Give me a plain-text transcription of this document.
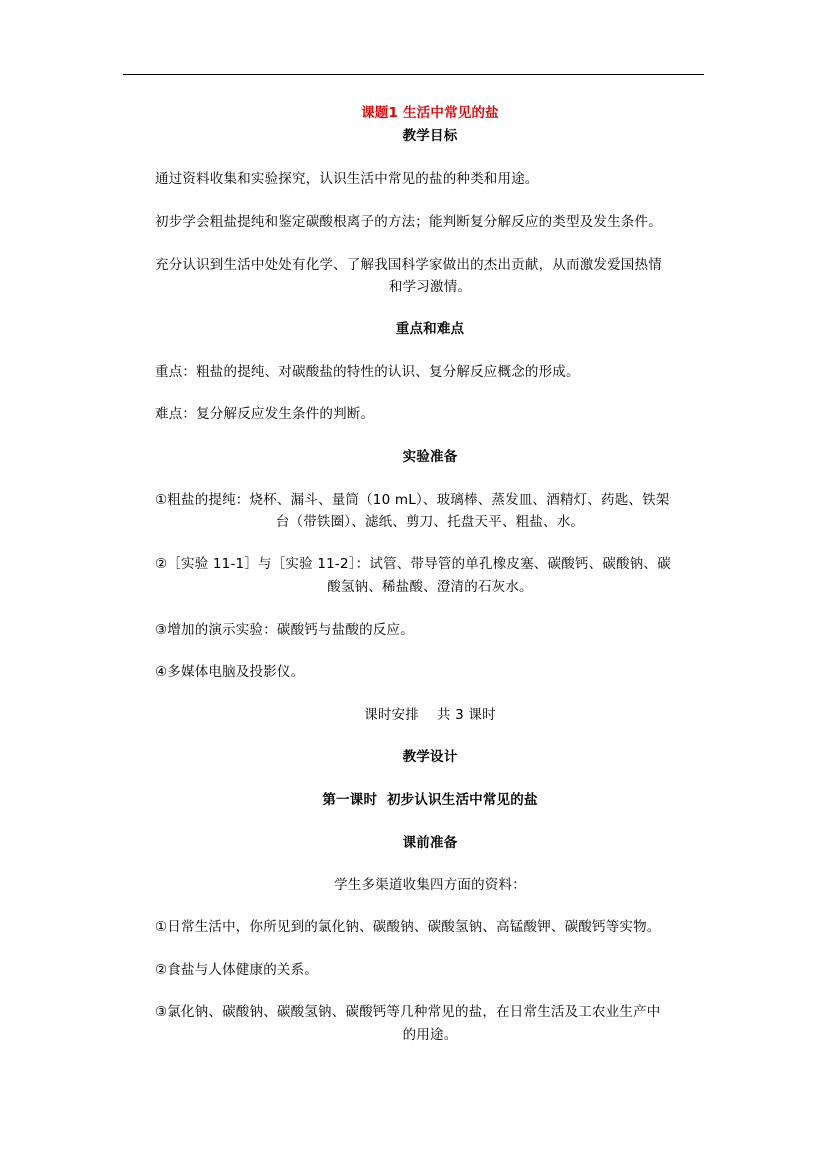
课题1 生活中常见的盐
教学目标
通过资料收集和实验探究，认识生活中常见的盐的种类和用途。
初步学会粗盐提纯和鉴定碳酸根离子的方法；能判断复分解反应的类型及发生条件。
充分认识到生活中处处有化学、了解我国科学家做出的杰出贡献，从而激发爱国热情
和学习激情。
重点和难点
重点：粗盐的提纯、对碳酸盐的特性的认识、复分解反应概念的形成。
难点：复分解反应发生条件的判断。
实验准备
①粗盐的提纯：烧杯、漏斗、量筒（10 mL）、玻璃棒、蒸发皿、酒精灯、药匙、铁架
台（带铁圈）、滤纸、剪刀、托盘天平、粗盐、水。
②［实验 11-1］与［实验 11-2］：试管、带导管的单孔橡皮塞、碳酸钙、碳酸钠、碳
酸氢钠、稀盐酸、澄清的石灰水。
③增加的演示实验：碳酸钙与盐酸的反应。
④多媒体电脑及投影仪。
课时安排    共 3 课时
教学设计
第一课时  初步认识生活中常见的盐
课前准备
学生多渠道收集四方面的资料：
①日常生活中，你所见到的氯化钠、碳酸钠、碳酸氢钠、高锰酸钾、碳酸钙等实物。
②食盐与人体健康的关系。
③氯化钠、碳酸钠、碳酸氢钠、碳酸钙等几种常见的盐，在日常生活及工农业生产中
的用途。
